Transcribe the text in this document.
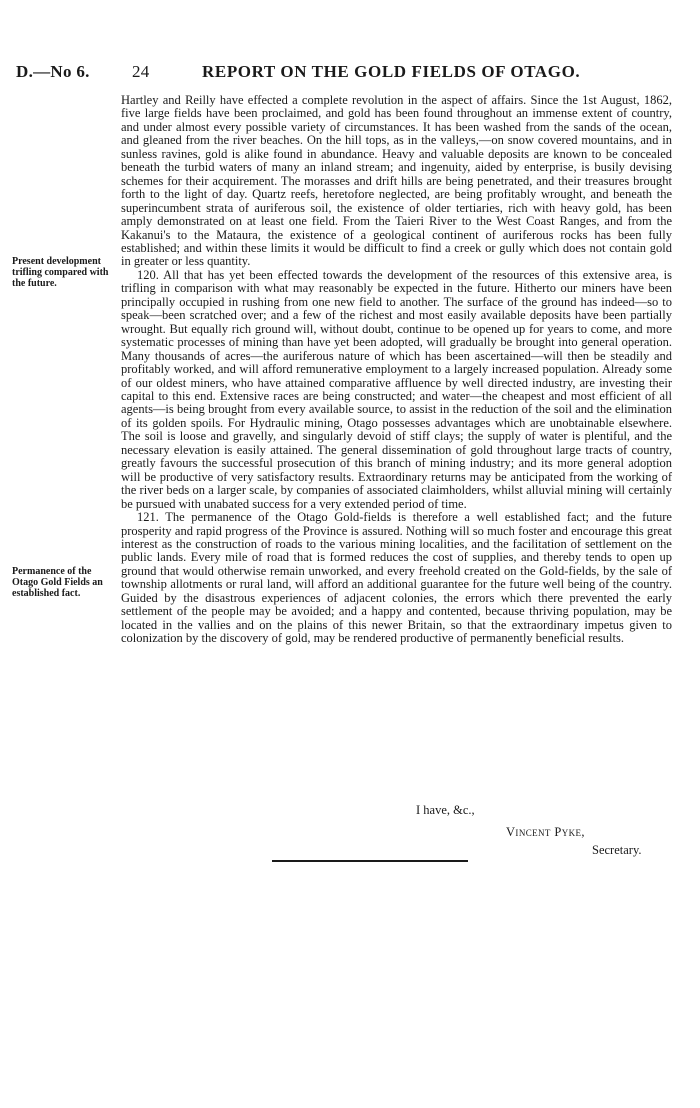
D.—No 6. 24	REPORT ON THE GOLD FIELDS OF OTAGO.
Present development trifling compared with the future.
Permanence of the Otago Gold Fields an established fact.

Hartley and Reilly have effected a complete revolution in the aspect of affairs. Since the 1st August, 1862, five large fields have been proclaimed, and gold has been found throughout an immense extent of country, and under almost every possible variety of circumstances. It has been washed from the sands of the ocean, and gleaned from the river beaches. On the hill tops, as in the valleys,—on snow covered mountains, and in sunless ravines, gold is alike found in abundance. Heavy and valuable deposits are known to be concealed beneath the turbid waters of many an inland stream; and ingenuity, aided by enterprise, is busily devising schemes for their acquirement. The morasses and drift hills are being penetrated, and their treasures brought forth to the light of day. Quartz reefs, heretofore neglected, are being profitably wrought, and beneath the superincumbent strata of auriferous soil, the existence of older tertiaries, rich with heavy gold, has been amply demonstrated on at least one field. From the Taieri River to the West Coast Ranges, and from the Kakanui's to the Mataura, the existence of a geological continent of auriferous rocks has been fully established; and within these limits it would be difficult to find a creek or gully which does not contain gold in greater or less quantity.

120. All that has yet been effected towards the development of the resources of this extensive area, is trifling in comparison with what may reasonably be expected in the future. Hitherto our miners have been principally occupied in rushing from one new field to another. The surface of the ground has indeed—so to speak—been scratched over; and a few of the richest and most easily available deposits have been partially wrought. But equally rich ground will, without doubt, continue to be opened up for years to come, and more systematic processes of mining than have yet been adopted, will gradually be brought into general operation. Many thousands of acres—the auriferous nature of which has been ascertained—will then be steadily and profitably worked, and will afford remunerative employment to a largely increased population. Already some of our oldest miners, who have attained comparative affluence by well directed industry, are investing their capital to this end. Extensive races are being constructed; and water—the cheapest and most efficient of all agents—is being brought from every available source, to assist in the reduction of the soil and the elimination of its golden spoils. For Hydraulic mining, Otago possesses advantages which are unobtainable elsewhere. The soil is loose and gravelly, and singularly devoid of stiff clays; the supply of water is plentiful, and the necessary elevation is easily attained. The general dissemination of gold throughout large tracts of country, greatly favours the successful prosecution of this branch of mining industry; and its more general adoption will be productive of very satisfactory results. Extraordinary returns may be anticipated from the working of the river beds on a larger scale, by companies of associated claimholders, whilst alluvial mining will certainly be pursued with unabated success for a very extended period of time.

121. The permanence of the Otago Gold-fields is therefore a well established fact; and the future prosperity and rapid progress of the Province is assured. Nothing will so much foster and encourage this great interest as the construction of roads to the various mining localities, and the facilitation of settlement on the public lands. Every mile of road that is formed reduces the cost of supplies, and thereby tends to open up ground that would otherwise remain unworked, and every freehold created on the Gold-fields, by the sale of township allotments or rural land, will afford an additional guarantee for the future well being of the country. Guided by the disastrous experiences of adjacent colonies, the errors which there prevented the early settlement of the people may be avoided; and a happy and contented, because thriving population, may be located in the vallies and on the plains of this newer Britain, so that the extraordinary impetus given to colonization by the discovery of gold, may be rendered productive of permanently beneficial results.

I have, &c.,
Vincent Pyke,
Secretary.
